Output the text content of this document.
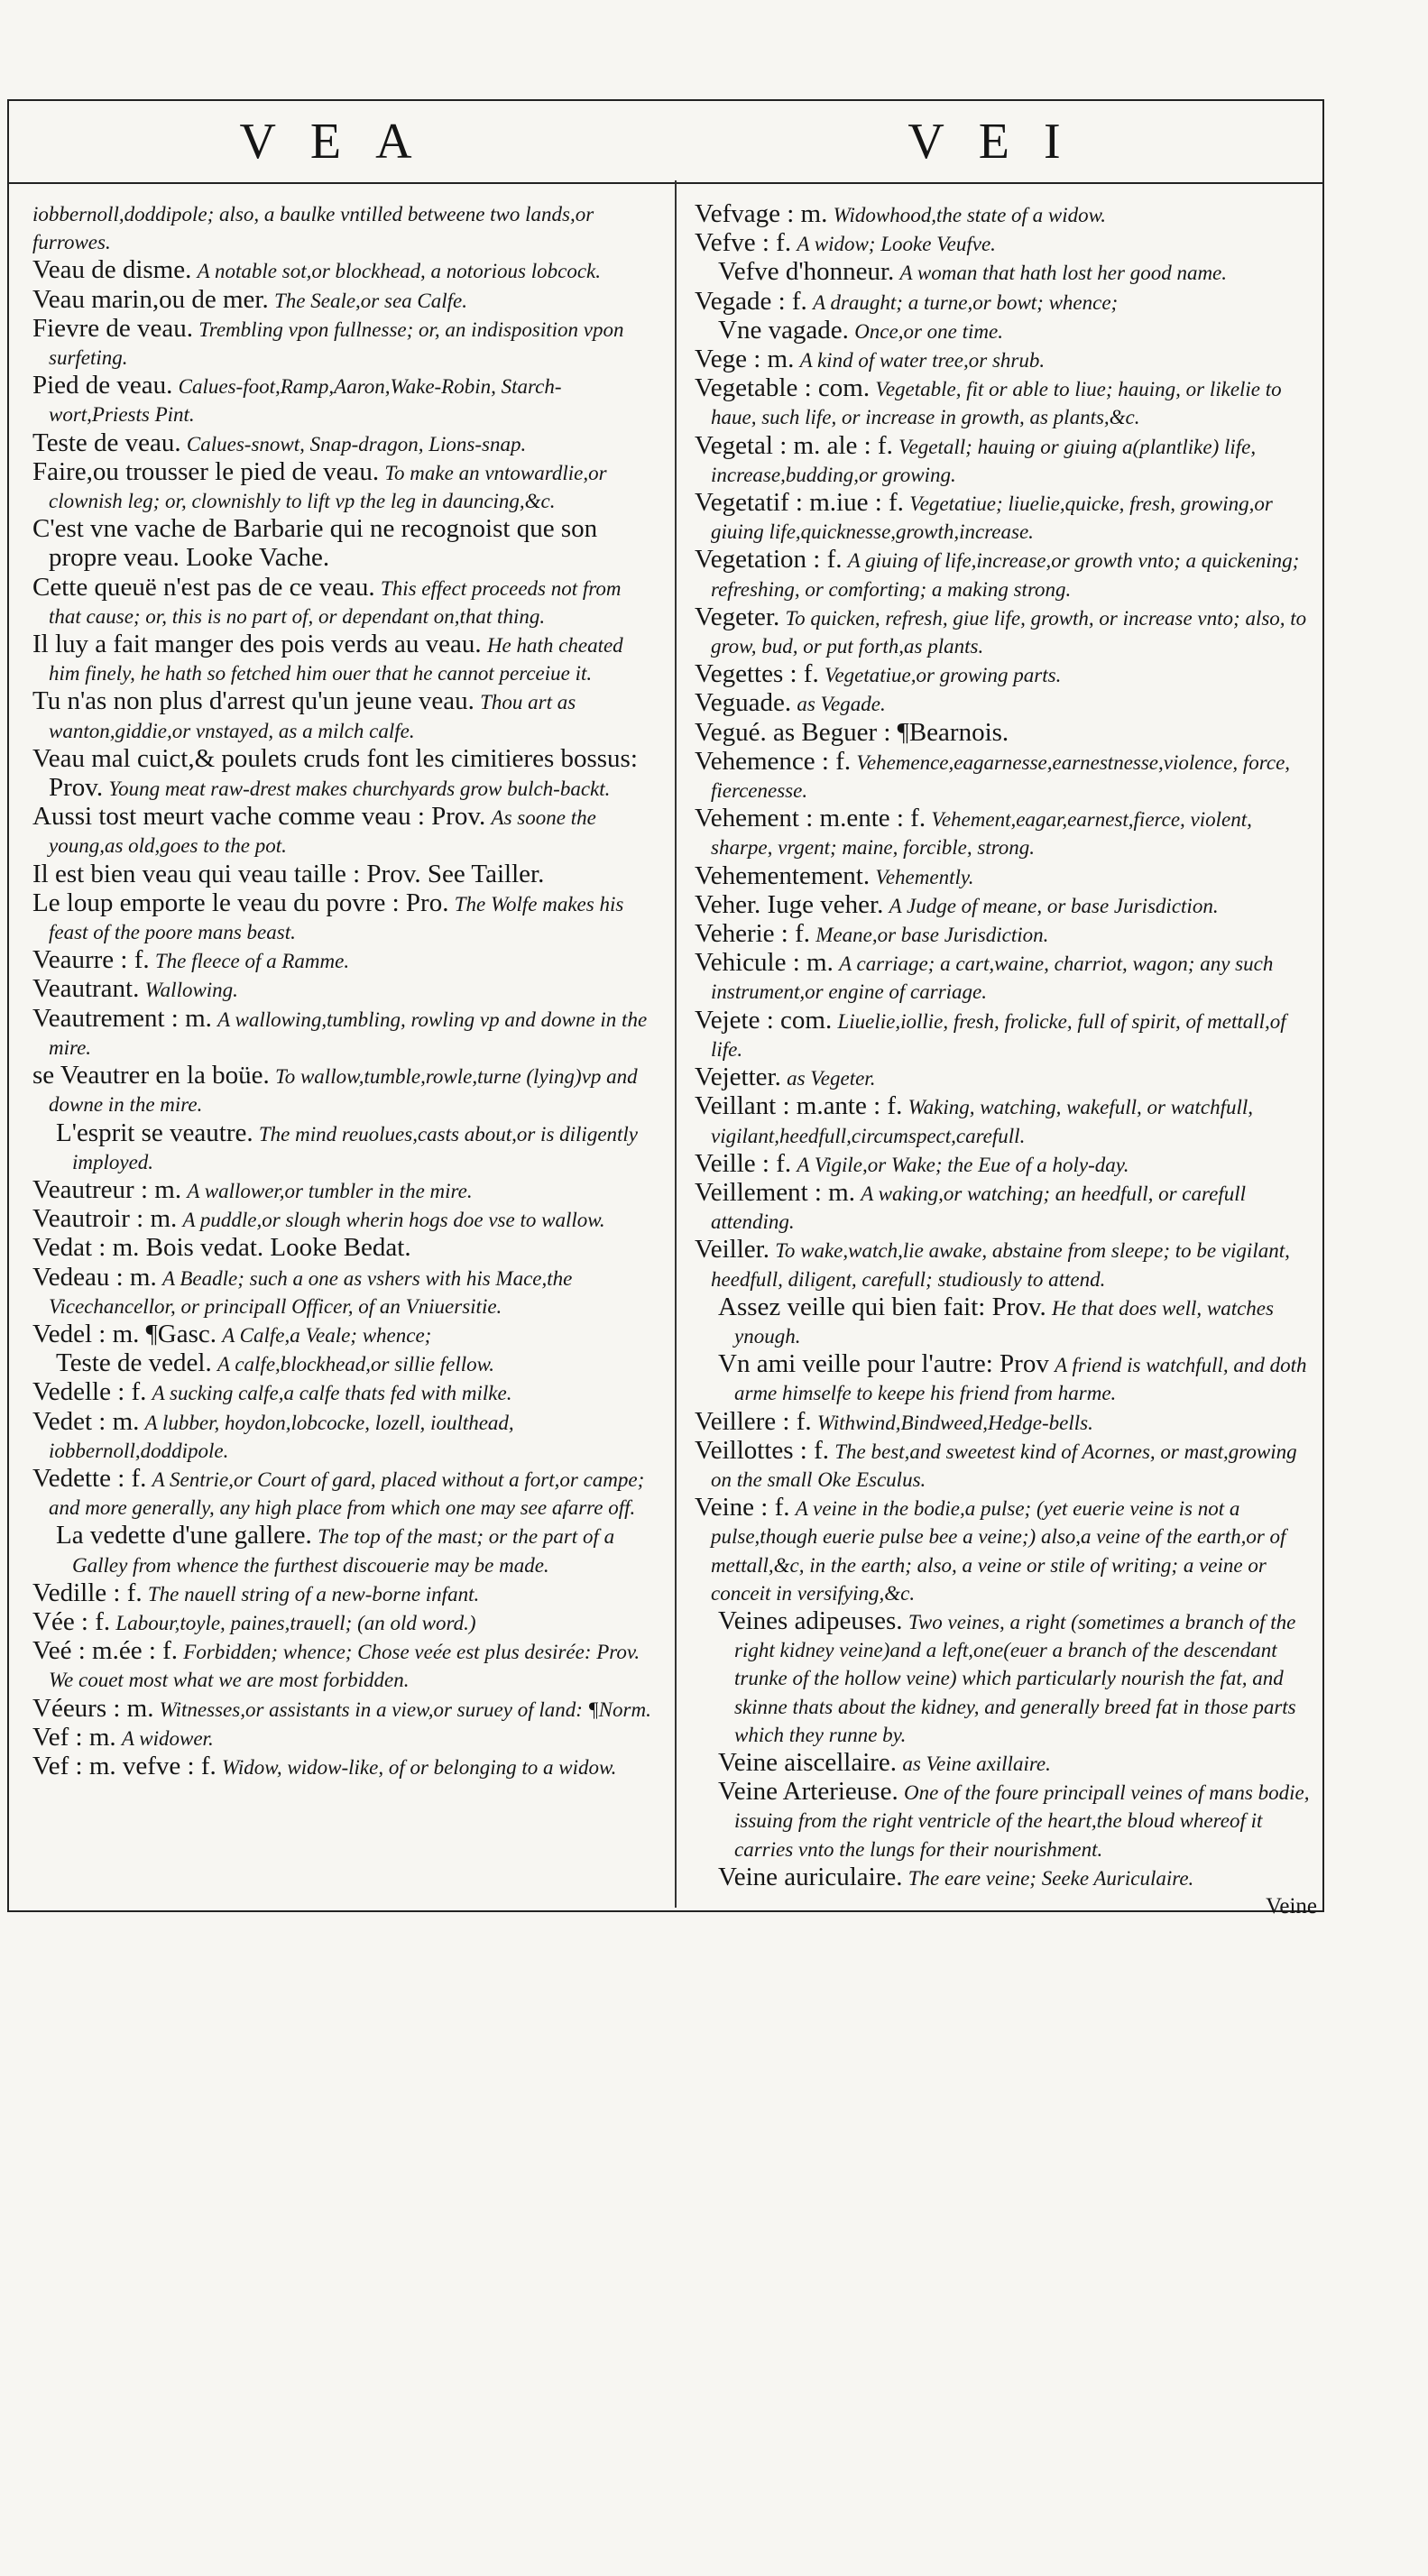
VEA	VEI

iobbernoll,doddipole; also, a baulke vntilled betweene two lands,or furrowes.

Veau de disme. A notable sot,or blockhead, a notorious lobcock.

Veau marin,ou de mer. The Seale,or sea Calfe.

Fievre de veau. Trembling vpon fullnesse; or, an indisposition vpon surfeting.

Pied de veau. Calues-foot,Ramp,Aaron,Wake-Robin, Starch-wort,Priests Pint.

Teste de veau. Calues-snowt, Snap-dragon, Lions-snap.

Faire,ou trousser le pied de veau. To make an vntowardlie,or clownish leg; or, clownishly to lift vp the leg in dauncing,&c.

C'est vne vache de Barbarie qui ne recognoist que son propre veau. Looke Vache.

Cette queuë n'est pas de ce veau. This effect proceeds not from that cause; or, this is no part of, or dependant on,that thing.

Il luy a fait manger des pois verds au veau. He hath cheated him finely, he hath so fetched him ouer that he cannot perceiue it.

Tu n'as non plus d'arrest qu'un jeune veau. Thou art as wanton,giddie,or vnstayed, as a milch calfe.

Veau mal cuict,& poulets cruds font les cimitieres bossus: Prov. Young meat raw-drest makes churchyards grow bulch-backt.

Aussi tost meurt vache comme veau : Prov. As soone the young,as old,goes to the pot.

Il est bien veau qui veau taille : Prov. See Tailler.

Le loup emporte le veau du povre : Pro. The Wolfe makes his feast of the poore mans beast.

Veaurre : f. The fleece of a Ramme.

Veautrant. Wallowing.

Veautrement : m. A wallowing,tumbling, rowling vp and downe in the mire.

se Veautrer en la boüe. To wallow,tumble,rowle,turne (lying)vp and downe in the mire.

L'esprit se veautre. The mind reuolues,casts about,or is diligently imployed.

Veautreur : m. A wallower,or tumbler in the mire.

Veautroir : m. A puddle,or slough wherin hogs doe vse to wallow.

Vedat : m. Bois vedat. Looke Bedat.

Vedeau : m. A Beadle; such a one as vshers with his Mace,the Vicechancellor, or principall Officer, of an Vniuersitie.

Vedel : m. ¶Gasc. A Calfe,a Veale; whence;

Teste de vedel. A calfe,blockhead,or sillie fellow.

Vedelle : f. A sucking calfe,a calfe thats fed with milke.

Vedet : m. A lubber, hoydon,lobcocke, lozell, ioulthead, iobbernoll,doddipole.

Vedette : f. A Sentrie,or Court of gard, placed without a fort,or campe; and more generally, any high place from which one may see afarre off.

La vedette d'une gallere. The top of the mast; or the part of a Galley from whence the furthest discouerie may be made.

Vedille : f. The nauell string of a new-borne infant.

Vée : f. Labour,toyle, paines,trauell; (an old word.)

Veé : m.ée : f. Forbidden; whence; Chose veée est plus desirée: Prov. We couet most what we are most forbidden.

Véeurs : m. Witnesses,or assistants in a view,or suruey of land: ¶Norm.

Vef : m. A widower.

Vef : m. vefve : f. Widow, widow-like, of or belonging to a widow.

Vefvage : m. Widowhood,the state of a widow.

Vefve : f. A widow; Looke Veufve.

Vefve d'honneur. A woman that hath lost her good name.

Vegade : f. A draught; a turne,or bowt; whence;

Vne vagade. Once,or one time.

Vege : m. A kind of water tree,or shrub.

Vegetable : com. Vegetable, fit or able to liue; hauing, or likelie to haue, such life, or increase in growth, as plants,&c.

Vegetal : m. ale : f. Vegetall; hauing or giuing a(plantlike) life, increase,budding,or growing.

Vegetatif : m.iue : f. Vegetatiue; liuelie,quicke, fresh, growing,or giuing life,quicknesse,growth,increase.

Vegetation : f. A giuing of life,increase,or growth vnto; a quickening; refreshing, or comforting; a making strong.

Vegeter. To quicken, refresh, giue life, growth, or increase vnto; also, to grow, bud, or put forth,as plants.

Vegettes : f. Vegetatiue,or growing parts.

Veguade. as Vegade.

Vegué. as Beguer : ¶Bearnois.

Vehemence : f. Vehemence,eagarnesse,earnestnesse,violence, force, fiercenesse.

Vehement : m.ente : f. Vehement,eagar,earnest,fierce, violent, sharpe, vrgent; maine, forcible, strong.

Vehementement. Vehemently.

Veher. Iuge veher. A Judge of meane, or base Jurisdiction.

Veherie : f. Meane,or base Jurisdiction.

Vehicule : m. A carriage; a cart,waine, charriot, wagon; any such instrument,or engine of carriage.

Vejete : com. Liuelie,iollie, fresh, frolicke, full of spirit, of mettall,of life.

Vejetter. as Vegeter.

Veillant : m.ante : f. Waking, watching, wakefull, or watchfull, vigilant,heedfull,circumspect,carefull.

Veille : f. A Vigile,or Wake; the Eue of a holy-day.

Veillement : m. A waking,or watching; an heedfull, or carefull attending.

Veiller. To wake,watch,lie awake, abstaine from sleepe; to be vigilant, heedfull, diligent, carefull; studiously to attend.

Assez veille qui bien fait: Prov. He that does well, watches ynough.

Vn ami veille pour l'autre: Prov A friend is watchfull, and doth arme himselfe to keepe his friend from harme.

Veillere : f. Withwind,Bindweed,Hedge-bells.

Veillottes : f. The best,and sweetest kind of Acornes, or mast,growing on the small Oke Esculus.

Veine : f. A veine in the bodie,a pulse; (yet euerie veine is not a pulse,though euerie pulse bee a veine;) also,a veine of the earth,or of mettall,&c, in the earth; also, a veine or stile of writing; a veine or conceit in versifying,&c.

Veines adipeuses. Two veines, a right (sometimes a branch of the right kidney veine)and a left,one(euer a branch of the descendant trunke of the hollow veine) which particularly nourish the fat, and skinne thats about the kidney, and generally breed fat in those parts which they runne by.

Veine aiscellaire. as Veine axillaire.

Veine Arterieuse. One of the foure principall veines of mans bodie, issuing from the right ventricle of the heart,the bloud whereof it carries vnto the lungs for their nourishment.

Veine auriculaire. The eare veine; Seeke Auriculaire.

Veine
